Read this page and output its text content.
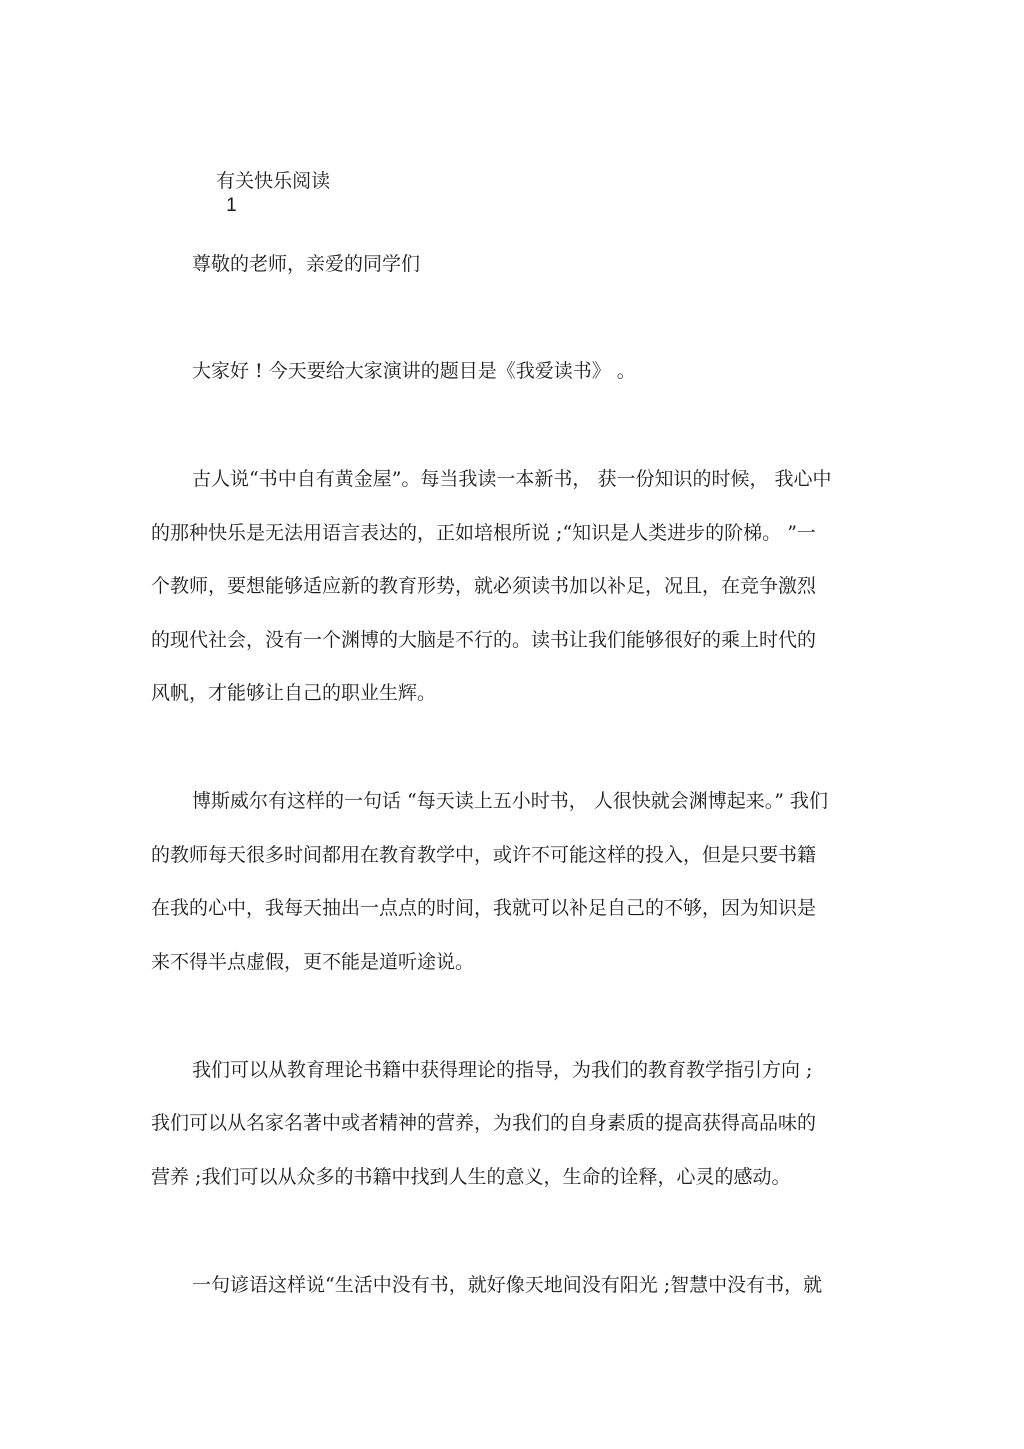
有关快乐阅读
1

尊敬的老师，亲爱的同学们
大家好 ! 今天要给大家演讲的题目是《我爱读书》 。
古人说“书中自有黄金屋”。每当我读一本新书， 获一份知识的时候， 我心中
的那种快乐是无法用语言表达的，正如培根所说 ;“知识是人类进步的阶梯。 ”一
个教师，要想能够适应新的教育形势，就必须读书加以补足，况且，在竞争激烈
的现代社会，没有一个渊博的大脑是不行的。读书让我们能够很好的乘上时代的
风帆，才能够让自己的职业生辉。
博斯威尔有这样的一句话 “每天读上五小时书， 人很快就会渊博起来。” 我们
的教师每天很多时间都用在教育教学中，或许不可能这样的投入，但是只要书籍
在我的心中，我每天抽出一点点的时间，我就可以补足自己的不够，因为知识是
来不得半点虚假，更不能是道听途说。
我们可以从教育理论书籍中获得理论的指导，为我们的教育教学指引方向 ;
我们可以从名家名著中或者精神的营养，为我们的自身素质的提高获得高品味的
营养 ;我们可以从众多的书籍中找到人生的意义，生命的诠释，心灵的感动。
一句谚语这样说“生活中没有书，就好像天地间没有阳光 ;智慧中没有书，就
